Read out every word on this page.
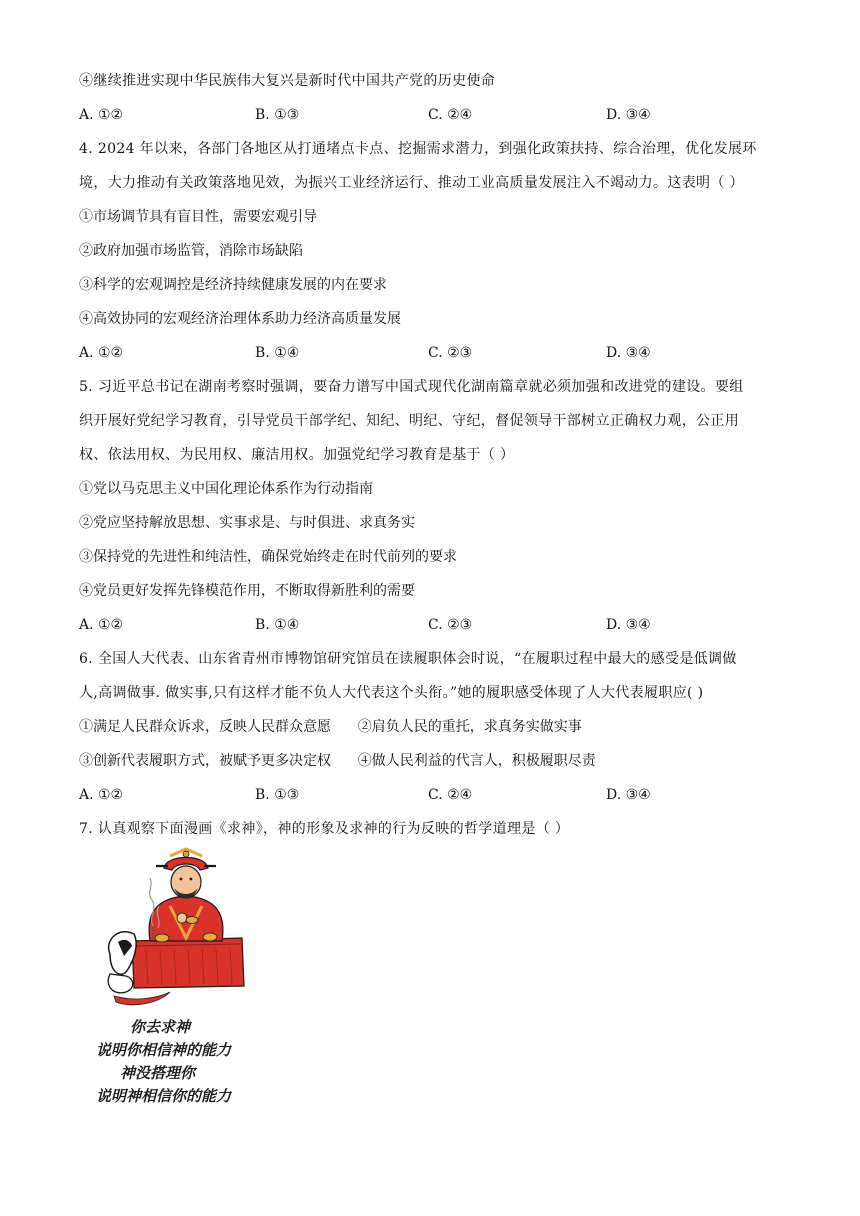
④继续推进实现中华民族伟大复兴是新时代中国共产党的历史使命
A. ①②	B. ①③	C. ②④	D. ③④
4. 2024 年以来，各部门各地区从打通堵点卡点、挖掘需求潜力，到强化政策扶持、综合治理，优化发展环
境，大力推动有关政策落地见效，为振兴工业经济运行、推动工业高质量发展注入不竭动力。这表明（ ）
①市场调节具有盲目性，需要宏观引导
②政府加强市场监管，消除市场缺陷
③科学的宏观调控是经济持续健康发展的内在要求
④高效协同的宏观经济治理体系助力经济高质量发展
A. ①②	B. ①④	C. ②③	D. ③④
5. 习近平总书记在湖南考察时强调，要奋力谱写中国式现代化湖南篇章就必须加强和改进党的建设。要组
织开展好党纪学习教育，引导党员干部学纪、知纪、明纪、守纪，督促领导干部树立正确权力观，公正用
权、依法用权、为民用权、廉洁用权。加强党纪学习教育是基于（ ）
①党以马克思主义中国化理论体系作为行动指南
②党应坚持解放思想、实事求是、与时俱进、求真务实
③保持党的先进性和纯洁性，确保党始终走在时代前列的要求
④党员更好发挥先锋模范作用，不断取得新胜利的需要
A. ①②	B. ①④	C. ②③	D. ③④
6. 全国人大代表、山东省青州市博物馆研究馆员在读履职体会时说，“在履职过程中最大的感受是低调做
人,高调做事. 做实事,只有这样才能不负人大代表这个头衔。”她的履职感受体现了人大代表履职应( )
①满足人民群众诉求，反映人民群众意愿      ②肩负人民的重托，求真务实做实事
③创新代表履职方式，被赋予更多决定权      ④做人民利益的代言人，积极履职尽责
A. ①②	B. ①③	C. ②④	D. ③④
7. 认真观察下面漫画《求神》，神的形象及求神的行为反映的哲学道理是（ ）
你去求神
说明你相信神的能力
神没搭理你
说明神相信你的能力
